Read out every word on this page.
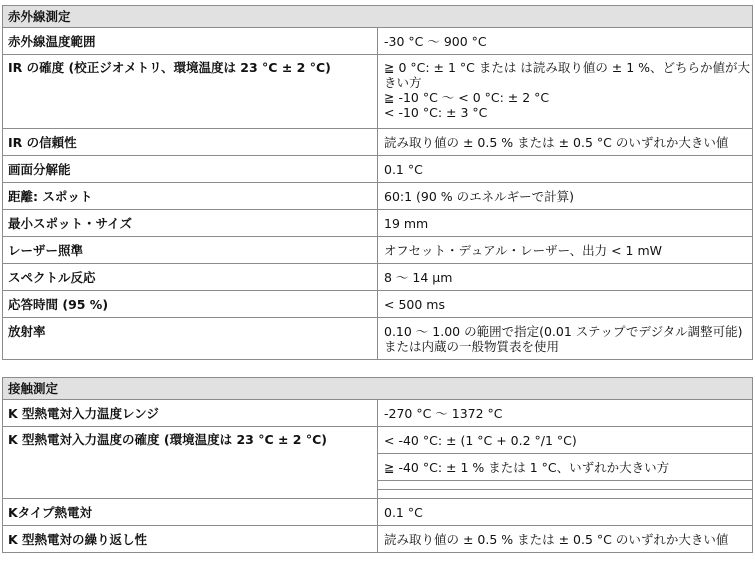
赤外線測定	
赤外線温度範囲	-30 °C ～ 900 °C
IR の確度 (校正ジオメトリ、環境温度は 23 °C ± 2 °C)	≧ 0 °C: ± 1 °C または は読み取り値の ± 1 %、どちらか値が大きい方
≧ -10 °C ～ < 0 °C: ± 2 °C
< -10 °C: ± 3 °C
IR の信頼性	読み取り値の ± 0.5 % または ± 0.5 °C のいずれか大きい値
画面分解能	0.1 °C
距離: スポット	60:1 (90 % のエネルギーで計算)
最小スポット・サイズ	19 mm
レーザー照準	オフセット・デュアル・レーザー、出力 < 1 mW
スペクトル反応	8 ～ 14 μm
応答時間 (95 %)	< 500 ms
放射率	0.10 ～ 1.00 の範囲で指定(0.01 ステップでデジタル調整可能) または内蔵の一般物質表を使用
接触測定	
K 型熱電対入力温度レンジ	-270 °C ～ 1372 °C
K 型熱電対入力温度の確度 (環境温度は 23 °C ± 2 °C)	< -40 °C: ± (1 °C + 0.2 °/1 °C)
	≧ -40 °C: ± 1 % または 1 °C、いずれか大きい方

Kタイプ熱電対	0.1 °C
K 型熱電対の繰り返し性	読み取り値の ± 0.5 % または ± 0.5 °C のいずれか大きい値
